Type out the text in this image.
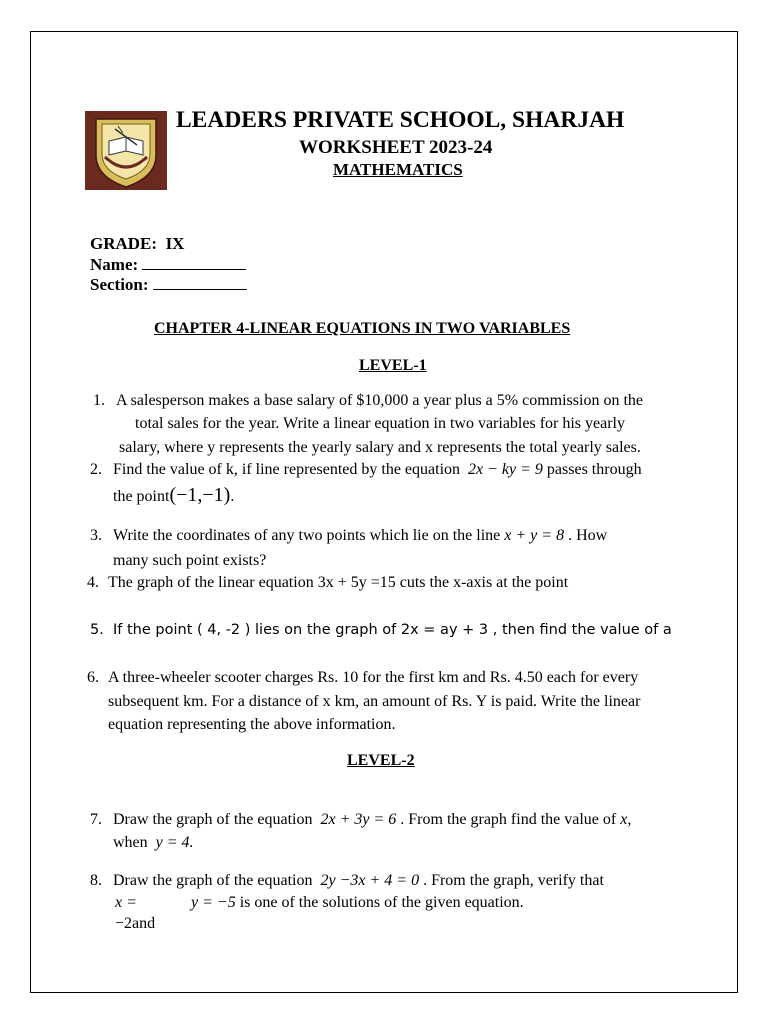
LEADERS PRIVATE SCHOOL, SHARJAH
WORKSHEET 2023-24
MATHEMATICS
GRADE: IX
Name:
Section:
CHAPTER 4-LINEAR EQUATIONS IN TWO VARIABLES
LEVEL-1
1. A salesperson makes a base salary of $10,000 a year plus a 5% commission on the
total sales for the year. Write a linear equation in two variables for his yearly
salary, where y represents the yearly salary and x represents the total yearly sales.
2. Find the value of k, if line represented by the equation 2x − ky = 9 passes through
the point(−1,−1).
3. Write the coordinates of any two points which lie on the line x + y = 8 . How
many such point exists?
4. The graph of the linear equation 3x + 5y =15 cuts the x-axis at the point
5. If the point ( 4, -2 ) lies on the graph of 2x = ay + 3 , then find the value of a
6. A three-wheeler scooter charges Rs. 10 for the first km and Rs. 4.50 each for every
subsequent km. For a distance of x km, an amount of Rs. Y is paid. Write the linear
equation representing the above information.
LEVEL-2
7. Draw the graph of the equation 2x + 3y = 6 . From the graph find the value of x,
when y = 4.
8. Draw the graph of the equation 2y −3x + 4 = 0 . From the graph, verify that
x =	y = −5 is one of the solutions of the given equation.
−2and
